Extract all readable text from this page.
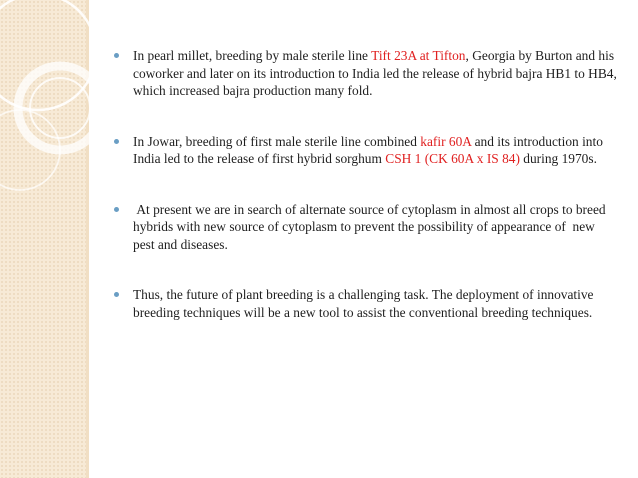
In pearl millet, breeding by male sterile line Tift 23A at Tifton, Georgia by Burton and his coworker and later on its introduction to India led the release of hybrid bajra HB1 to HB4, which increased bajra production many fold.
In Jowar, breeding of first male sterile line combined kafir 60A and its introduction into India led to the release of first hybrid sorghum CSH 1 (CK 60A x IS 84) during 1970s.
At present we are in search of alternate source of cytoplasm in almost all crops to breed hybrids with new source of cytoplasm to prevent the possibility of appearance of  new pest and diseases.
Thus, the future of plant breeding is a challenging task. The deployment of innovative breeding techniques will be a new tool to assist the conventional breeding techniques.
